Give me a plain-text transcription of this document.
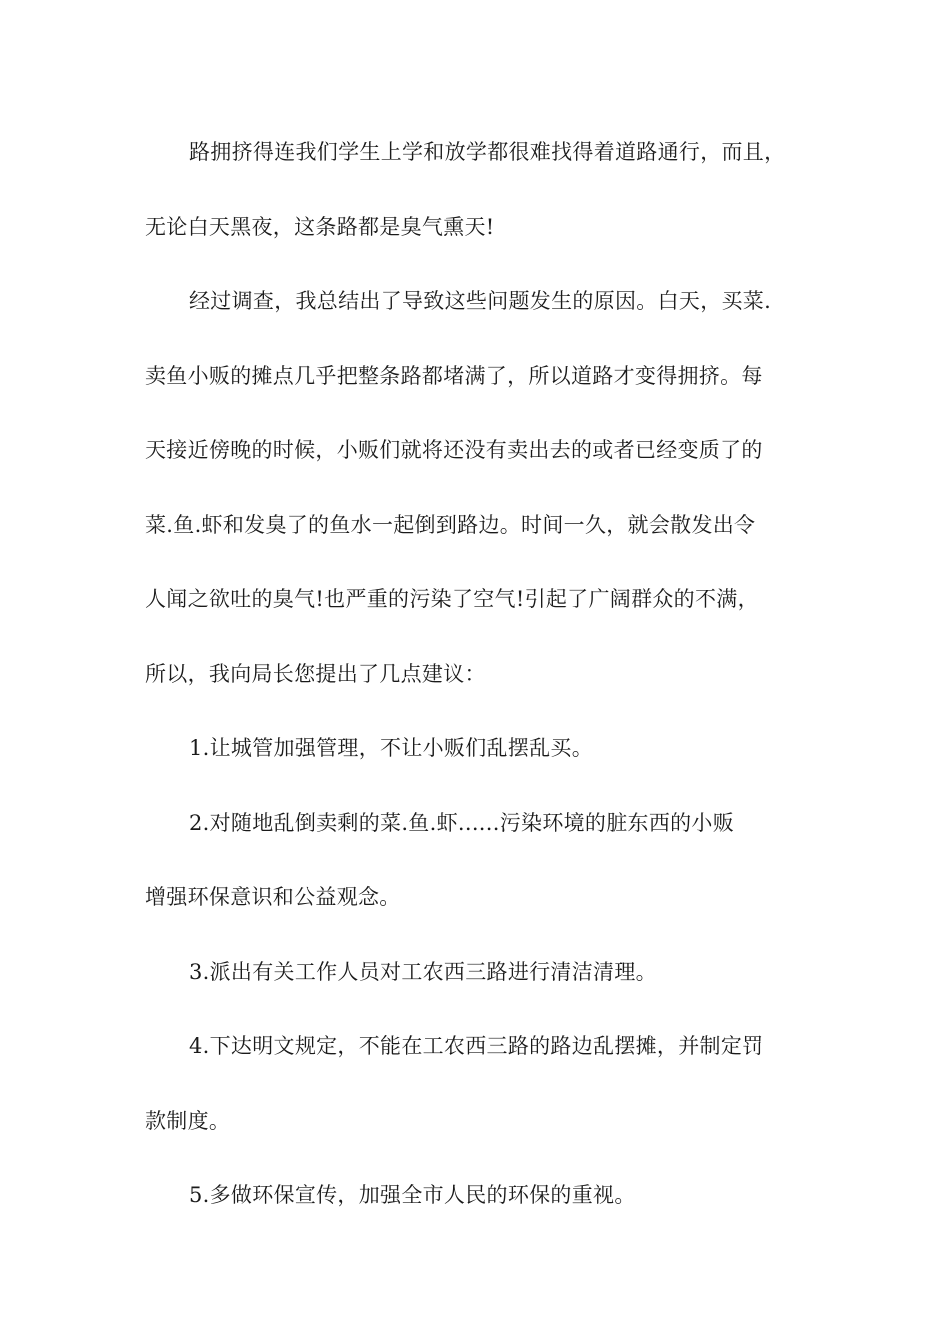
路拥挤得连我们学生上学和放学都很难找得着道路通行，而且，
无论白天黑夜，这条路都是臭气熏天!
经过调查，我总结出了导致这些问题发生的原因。白天，买菜.
卖鱼小贩的摊点几乎把整条路都堵满了，所以道路才变得拥挤。每
天接近傍晚的时候，小贩们就将还没有卖出去的或者已经变质了的
菜.鱼.虾和发臭了的鱼水一起倒到路边。时间一久，就会散发出令
人闻之欲吐的臭气!也严重的污染了空气!引起了广阔群众的不满，
所以，我向局长您提出了几点建议：
1.让城管加强管理，不让小贩们乱摆乱买。
2.对随地乱倒卖剩的菜.鱼.虾......污染环境的脏东西的小贩
增强环保意识和公益观念。
3.派出有关工作人员对工农西三路进行清洁清理。
4.下达明文规定，不能在工农西三路的路边乱摆摊，并制定罚
款制度。
5.多做环保宣传，加强全市人民的环保的重视。
